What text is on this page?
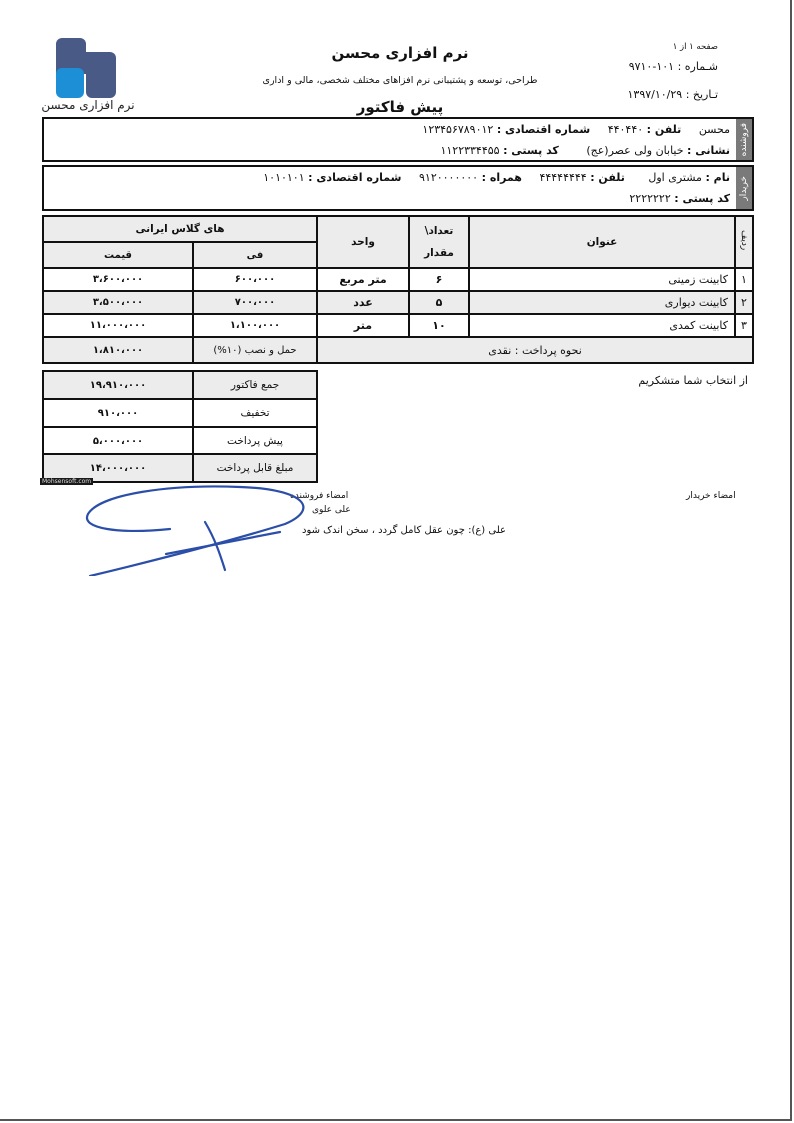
نرم افزاری محسن
نرم افزاری محسن
طراحی، توسعه و پشتیبانی نرم افزاهای مختلف شخصی، مالی و اداری
پیش فاکتور
صفحه ۱ از ۱
شـماره : ۱۰۱-۹۷۱۰
تـاریخ : ۱۳۹۷/۱۰/۲۹
فروشنده
محسن تلفن : ۴۴۰۴۴۰ شماره اقتصادی : ۱۲۳۴۵۶۷۸۹۰۱۲
نشانی : خیابان ولی عصر(عج) کد پستی : ۱۱۲۲۳۳۴۴۵۵
خریدار
نام : مشتری اول تلفن : ۴۴۴۴۴۴۴۴ همراه : ۹۱۲۰۰۰۰۰۰۰ شماره اقتصادی : ۱۰۱۰۱۰۱
کد پستی : ۲۲۲۲۲۲۲
ردیف	عنوان	تعداد\ مقدار	واحد	های گلاس ایرانی	
				فی	قیمت
۱	کابینت زمینی	۶	متر مربع	۶۰۰،۰۰۰	۳،۶۰۰،۰۰۰
۲	کابینت دیواری	۵	عدد	۷۰۰،۰۰۰	۳،۵۰۰،۰۰۰
۳	کابینت کمدی	۱۰	متر	۱،۱۰۰،۰۰۰	۱۱،۰۰۰،۰۰۰
نحوه پرداخت : نقدی				حمل و نصب (۱۰%)	۱،۸۱۰،۰۰۰
جمع فاکتور	۱۹،۹۱۰،۰۰۰
تخفیف	۹۱۰،۰۰۰
پیش پرداخت	۵،۰۰۰،۰۰۰
مبلغ قابل پرداخت	۱۴،۰۰۰،۰۰۰
از انتخاب شما متشکریم
Mohsensoft.com
امضاء فروشنده
علی علوی
علی (ع): چون عقل کامل گردد ، سخن اندک شود
امضاء خریدار
